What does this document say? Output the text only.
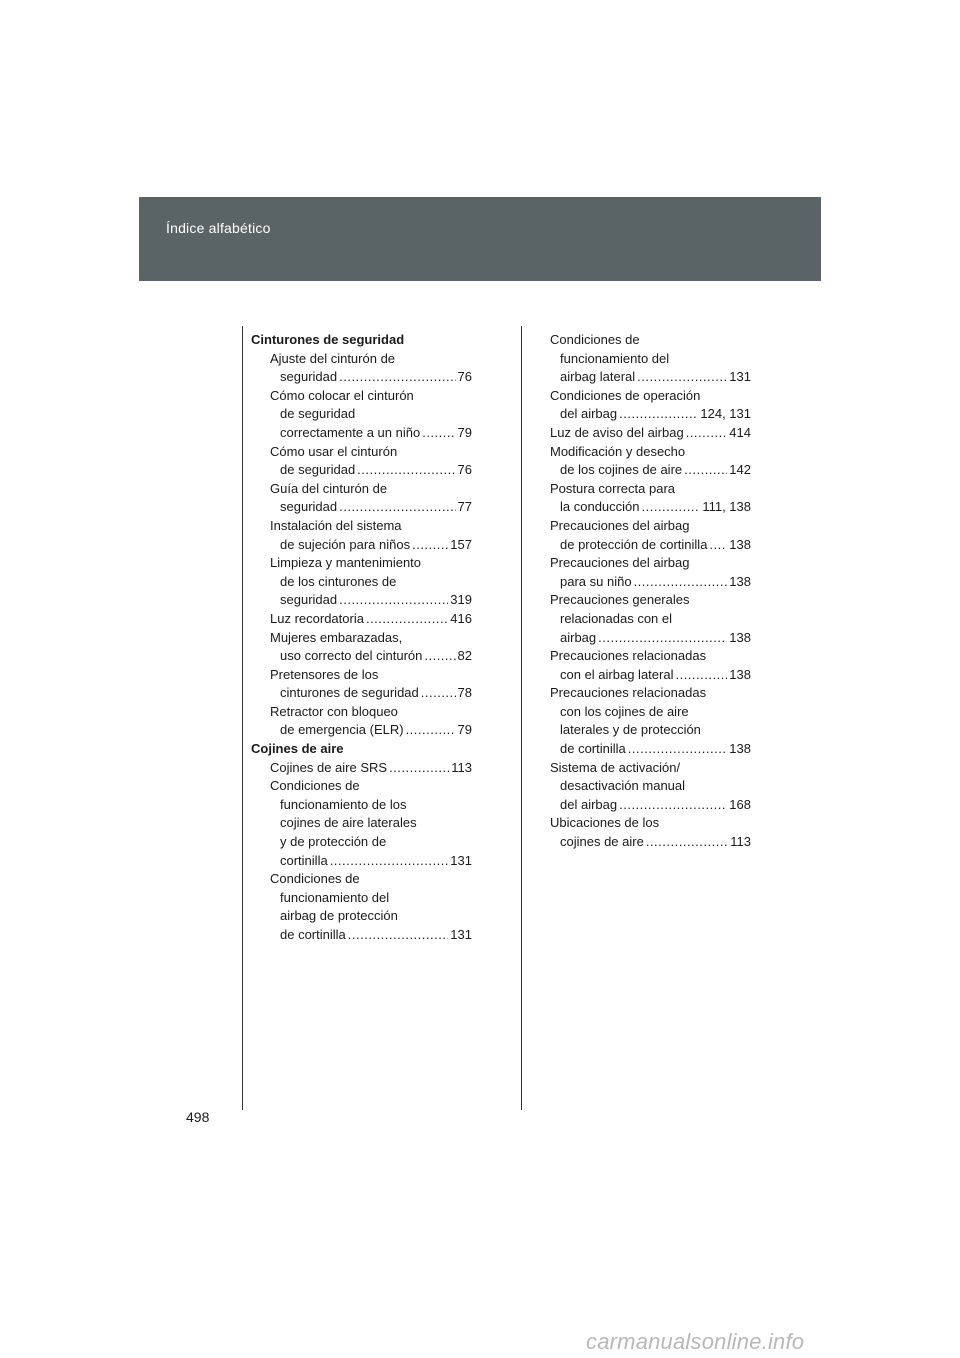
Índice alfabético
Cinturones de seguridad
Ajuste del cinturón de
seguridad .....	76
Cómo colocar el cinturón
de seguridad
correctamente a un niño .....	79
Cómo usar el cinturón
de seguridad .....	76
Guía del cinturón de
seguridad .....	77
Instalación del sistema
de sujeción para niños .....	157
Limpieza y mantenimiento
de los cinturones de
seguridad .....	319
Luz recordatoria .....	416
Mujeres embarazadas,
uso correcto del cinturón .....	82
Pretensores de los
cinturones de seguridad .....	78
Retractor con bloqueo
de emergencia (ELR) .....	79
Cojines de aire
Cojines de aire SRS .....	113
Condiciones de
funcionamiento de los
cojines de aire laterales
y de protección de
cortinilla .....	131
Condiciones de
funcionamiento del
airbag de protección
de cortinilla .....	131
Condiciones de
funcionamiento del
airbag lateral .....	131
Condiciones de operación
del airbag .....	124, 131
Luz de aviso del airbag .....	414
Modificación y desecho
de los cojines de aire .....	142
Postura correcta para
la conducción .....	111, 138
Precauciones del airbag
de protección de cortinilla ..... 138
Precauciones del airbag
para su niño .....	138
Precauciones generales
relacionadas con el
airbag .....	138
Precauciones relacionadas
con el airbag lateral .....	138
Precauciones relacionadas
con los cojines de aire
laterales y de protección
de cortinilla .....	138
Sistema de activación/
desactivación manual
del airbag .....	168
Ubicaciones de los
cojines de aire .....	113
498
carmanualsonline.info
